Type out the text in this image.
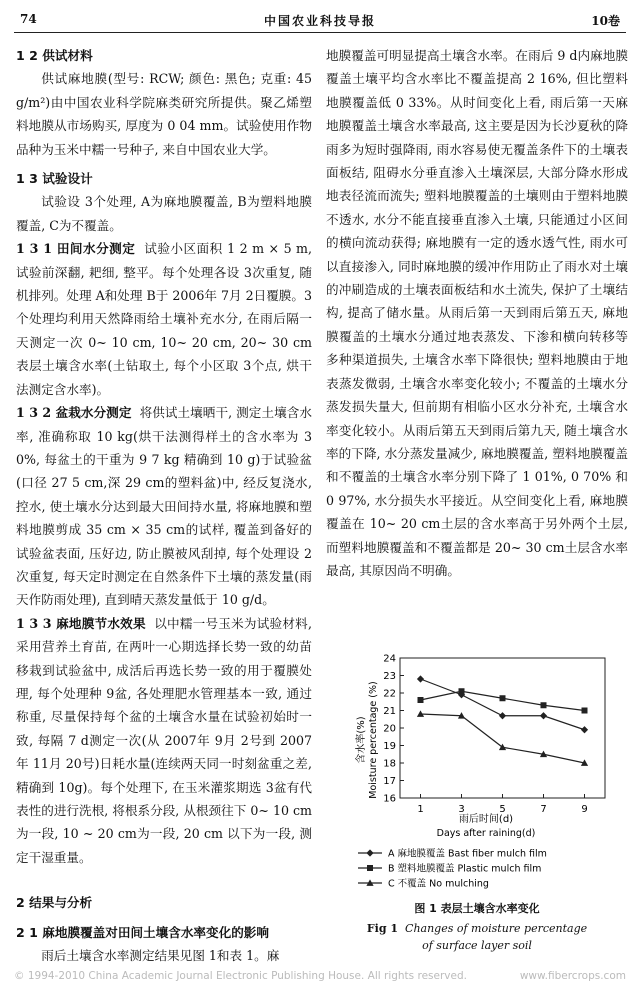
74	中国农业科技导报	10卷
1 2 供试材料

供试麻地膜(型号: RCW; 颜色: 黑色; 克重: 45 g/m²)由中国农业科学院麻类研究所提供。聚乙烯塑料地膜从市场购买, 厚度为 0 04 mm。试验使用作物品种为玉米中糯一号种子, 来自中国农业大学。

1 3 试验设计

试验设 3个处理, A为麻地膜覆盖, B为塑料地膜覆盖, C为不覆盖。

1 3 1 田间水分测定 试验小区面积 1 2 m × 5 m, 试验前深翻, 耙细, 整平。每个处理各设 3次重复, 随机排列。处理 A和处理 B于 2006年 7月 2日覆膜。3个处理均利用天然降雨给土壤补充水分, 在雨后隔一天测定一次 0~ 10 cm, 10~ 20 cm, 20~ 30 cm表层土壤含水率(土钻取土, 每个小区取 3个点, 烘干法测定含水率)。

1 3 2 盆栽水分测定 将供试土壤晒干, 测定土壤含水率, 准确称取 10 kg(烘干法测得样土的含水率为 3 0%, 每盆土的干重为 9 7 kg 精确到 10 g)于试验盆(口径 27 5 cm,深 29 cm的塑料盆)中, 经反复浇水, 控水, 使土壤水分达到最大田间持水量, 将麻地膜和塑料地膜剪成 35 cm × 35 cm的试样, 覆盖到备好的试验盆表面, 压好边, 防止膜被风刮掉, 每个处理设 2次重复, 每天定时测定在自然条件下土壤的蒸发量(雨天作防雨处理), 直到晴天蒸发量低于 10 g/d。

1 3 3 麻地膜节水效果 以中糯一号玉米为试验材料, 采用营养土育苗, 在两叶一心期选择长势一致的幼苗移栽到试验盆中, 成活后再选长势一致的用于覆膜处理, 每个处理种 9盆, 各处理肥水管理基本一致, 通过称重, 尽量保持每个盆的土壤含水量在试验初始时一致, 每隔 7 d测定一次(从 2007年 9月 2号到 2007年 11月 20号)日耗水量(连续两天同一时刻盆重之差, 精确到 10g)。每个处理下, 在玉米灌浆期选 3盆有代表性的进行洗根, 将根系分段, 从根颈往下 0~ 10 cm为一段, 10 ~ 20 cm为一段, 20 cm 以下为一段, 测定干湿重量。

2 结果与分析
2 1 麻地膜覆盖对田间土壤含水率变化的影响

雨后土壤含水率测定结果见图 1和表 1。麻

地膜覆盖可明显提高土壤含水率。在雨后 9 d内麻地膜覆盖土壤平均含水率比不覆盖提高 2 16%, 但比塑料地膜覆盖低 0 33%。从时间变化上看, 雨后第一天麻地膜覆盖土壤含水率最高, 这主要是因为长沙夏秋的降雨多为短时强降雨, 雨水容易使无覆盖条件下的土壤表面板结, 阻碍水分垂直渗入土壤深层, 大部分降水形成地表径流而流失; 塑料地膜覆盖的土壤则由于塑料地膜不透水, 水分不能直接垂直渗入土壤, 只能通过小区间的横向流动获得; 麻地膜有一定的透水透气性, 雨水可以直接渗入, 同时麻地膜的缓冲作用防止了雨水对土壤的冲刷造成的土壤表面板结和水土流失, 保护了土壤结构, 提高了储水量。从雨后第一天到雨后第五天, 麻地膜覆盖的土壤水分通过地表蒸发、下渗和横向转移等多种渠道损失, 土壤含水率下降很快; 塑料地膜由于地表蒸发微弱, 土壤含水率变化较小; 不覆盖的土壤水分蒸发损失量大, 但前期有相临小区水分补充, 土壤含水率变化较小。从雨后第五天到雨后第九天, 随土壤含水率的下降, 水分蒸发量减少, 麻地膜覆盖, 塑料地膜覆盖和不覆盖的土壤含水率分别下降了 1 01%, 0 70% 和 0 97%, 水分损失水平接近。从空间变化上看, 麻地膜覆盖在 10~ 20 cm土层的含水率高于另外两个土层, 而塑料地膜覆盖和不覆盖都是 20~ 30 cm土层含水率最高, 其原因尚不明确。

16
17
18
19
20
21
22
23
24
1	3	5	7	9
含水率(%) Moisture percentage (%)
雨后时间(d)
Days after raining(d)
A 麻地膜覆盖 Bast fiber mulch film
B 塑料地膜覆盖 Plastic mulch film
C 不覆盖 No mulching
图 1 表层土壤含水率变化
Fig 1 Changes of moisture percentage
of surface layer soil
© 1994-2010 China Academic Journal Electronic Publishing House. All rights reserved.	www.fibercrops.com
